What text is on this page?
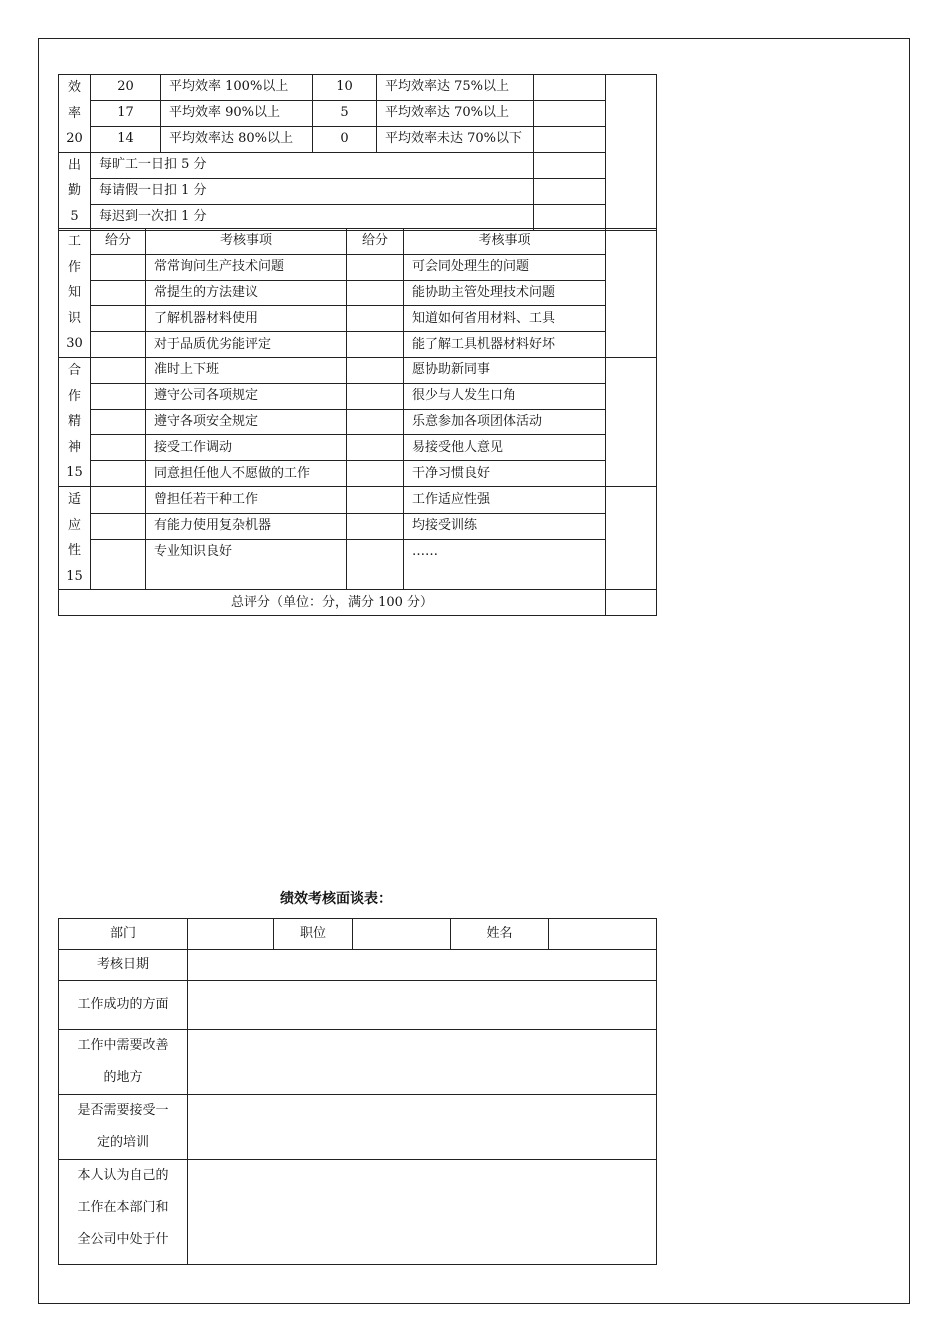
效
率
20	20	平均效率 100%以上	10	平均效率达 75%以上		
	17	平均效率 90%以上	5	平均效率达 70%以上		
	14	平均效率达 80%以上	0	平均效率未达 70%以下		

出
勤
5	每旷工一日扣 5 分					
	每请假一日扣 1 分					
	每迟到一次扣 1 分					
工
作
知
识
30	给分	考核事项	给分	考核事项	
		常常询问生产技术问题		可会同处理生的问题	
		常提生的方法建议		能协助主管处理技术问题	
		了解机器材料使用		知道如何省用材料、工具	
		对于品质优劣能评定		能了解工具机器材料好坏	

合
作
精
神
15		准时上下班		愿协助新同事	
		遵守公司各项规定		很少与人发生口角	
		遵守各项安全规定		乐意参加各项团体活动	
		接受工作调动		易接受他人意见	
		同意担任他人不愿做的工作		干净习惯良好	

适
应
性
15		曾担任若干种工作		工作适应性强	
		有能力使用复杂机器		均接受训练	
		专业知识良好		……	
总评分（单位：分，满分 100 分）					
绩效考核面谈表：
部门		职位		姓名	
考核日期					
工作成功的方面					

工作中需要改善
的地方					

是否需要接受一
定的培训					

本人认为自己的
工作在本部门和
全公司中处于什					
